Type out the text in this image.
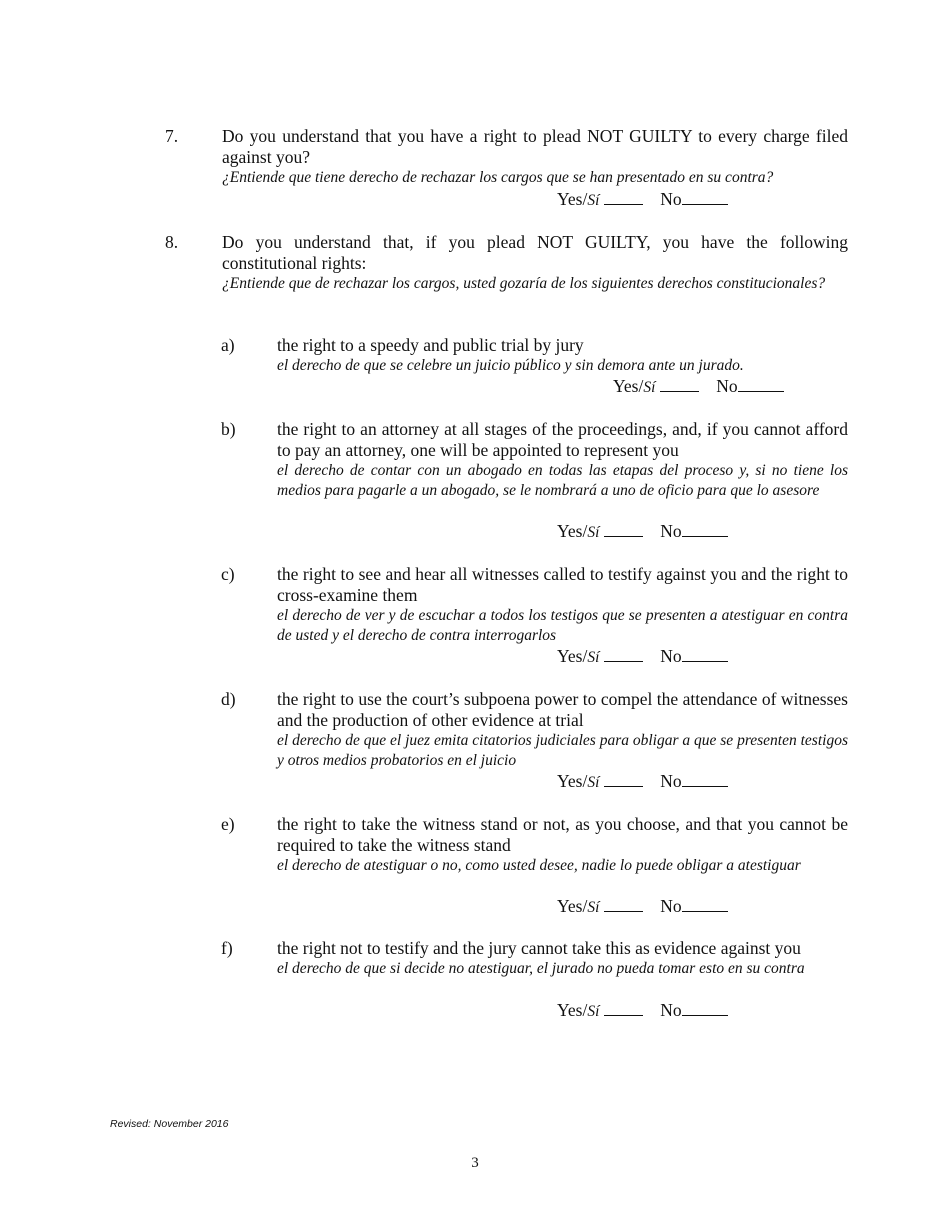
7.	Do you understand that you have a right to plead NOT GUILTY to every charge filed against you?
¿Entiende que tiene derecho de rechazar los cargos que se han presentado en su contra?
Yes/Sí	No
8.	Do you understand that, if you plead NOT GUILTY, you have the following constitutional rights:
¿Entiende que de rechazar los cargos, usted gozaría de los siguientes derechos constitucionales?
a) the right to a speedy and public trial by jury
el derecho de que se celebre un juicio público y sin demora ante un jurado.
Yes/Sí	No
b) the right to an attorney at all stages of the proceedings, and, if you cannot afford to pay an attorney, one will be appointed to represent you
el derecho de contar con un abogado en todas las etapas del proceso y, si no tiene los medios para pagarle a un abogado, se le nombrará a uno de oficio para que lo asesore
Yes/Sí	No
c) the right to see and hear all witnesses called to testify against you and the right to cross-examine them
el derecho de ver y de escuchar a todos los testigos que se presenten a atestiguar en contra de usted y el derecho de contra interrogarlos
Yes/Sí	No
d) the right to use the court’s subpoena power to compel the attendance of witnesses and the production of other evidence at trial
el derecho de que el juez emita citatorios judiciales para obligar a que se presenten testigos y otros medios probatorios en el juicio
Yes/Sí	No
e) the right to take the witness stand or not, as you choose, and that you cannot be required to take the witness stand
el derecho de atestiguar o no, como usted desee, nadie lo puede obligar a atestiguar
Yes/Sí	No
f)	the right not to testify and the jury cannot take this as evidence against you
el derecho de que si decide no atestiguar, el jurado no pueda tomar esto en su contra
Yes/Sí	No
Revised: November 2016
3
